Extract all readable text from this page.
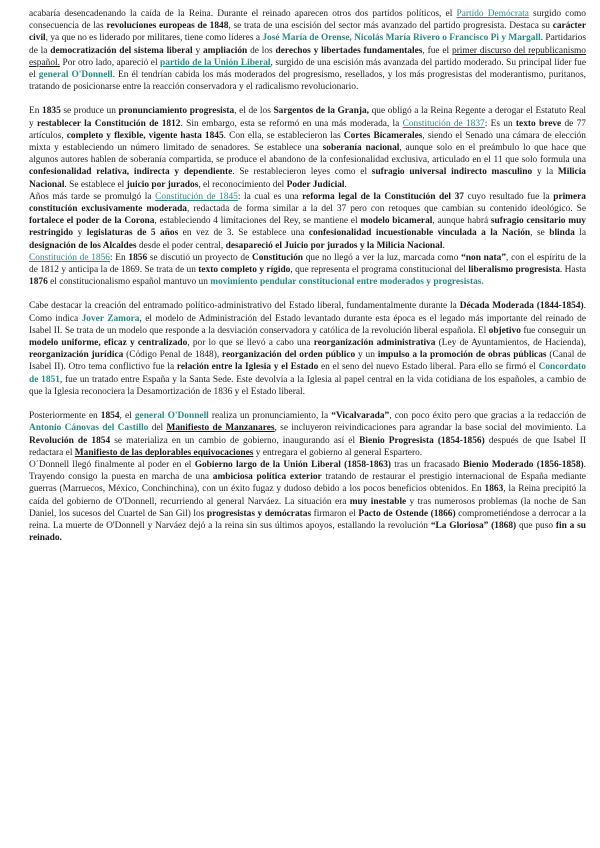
acabaría desencadenando la caída de la Reina. Durante el reinado aparecen otros dos partidos políticos, el Partido Demócrata surgido como consecuencia de las revoluciones europeas de 1848, se trata de una escisión del sector más avanzado del partido progresista. Destaca su carácter civil, ya que no es liderado por militares, tiene como líderes a José María de Orense, Nicolás María Rivero o Francisco Pi y Margall. Partidarios de la democratización del sistema liberal y ampliación de los derechos y libertades fundamentales, fue el primer discurso del republicanismo español. Por otro lado, apareció el partido de la Unión Liberal, surgido de una escisión más avanzada del partido moderado. Su principal líder fue el general O'Donnell. En él tendrían cabida los más moderados del progresismo, resellados, y los más progresistas del moderantismo, puritanos, tratando de posicionarse entre la reacción conservadora y el radicalismo revolucionario.

En 1835 se produce un pronunciamiento progresista, el de los Sargentos de la Granja, que obligó a la Reina Regente a derogar el Estatuto Real y restablecer la Constitución de 1812. Sin embargo, esta se reformó en una más moderada, la Constitución de 1837: Es un texto breve de 77 artículos, completo y flexible, vigente hasta 1845. Con ella, se establecieron las Cortes Bicamerales, siendo el Senado una cámara de elección mixta y estableciendo un número limitado de senadores. Se establece una soberanía nacional, aunque solo en el preámbulo lo que hace que algunos autores hablen de soberanía compartida, se produce el abandono de la confesionalidad exclusiva, articulado en el 11 que solo formula una confesionalidad relativa, indirecta y dependiente. Se restablecieron leyes como el sufragio universal indirecto masculino y la Milicia Nacional. Se establece el juicio por jurados, el reconocimiento del Poder Judicial.
Años más tarde se promulgó la Constitución de 1845: la cual es una reforma legal de la Constitución del 37 cuyo resultado fue la primera constitución exclusivamente moderada, redactada de forma similar a la del 37 pero con retoques que cambian su contenido ideológico. Se fortalece el poder de la Corona, estableciendo 4 limitaciones del Rey, se mantiene el modelo bicameral, aunque habrá sufragio censitario muy restringido y legislaturas de 5 años en vez de 3. Se establece una confesionalidad incuestionable vinculada a la Nación, se blinda la designación de los Alcaldes desde el poder central, desapareció el Juicio por jurados y la Milicia Nacional.
Constitución de 1856: En 1856 se discutió un proyecto de Constitución que no llegó a ver la luz, marcada como “non nata”, con el espíritu de la de 1812 y anticipa la de 1869. Se trata de un texto completo y rígido, que representa el programa constitucional del liberalismo progresista. Hasta 1876 el constitucionalismo español mantuvo un movimiento pendular constitucional entre moderados y progresistas.

Cabe destacar la creación del entramado político-administrativo del Estado liberal, fundamentalmente durante la Década Moderada (1844-1854). Como indica Jover Zamora, el modelo de Administración del Estado levantado durante esta época es el legado más importante del reinado de Isabel II. Se trata de un modelo que responde a la desviación conservadora y católica de la revolución liberal española. El objetivo fue conseguir un modelo uniforme, eficaz y centralizado, por lo que se llevó a cabo una reorganización administrativa (Ley de Ayuntamientos, de Hacienda), reorganización jurídica (Código Penal de 1848), reorganización del orden público y un impulso a la promoción de obras públicas (Canal de Isabel II). Otro tema conflictivo fue la relación entre la Iglesia y el Estado en el seno del nuevo Estado liberal. Para ello se firmó el Concordato de 1851, fue un tratado entre España y la Santa Sede. Este devolvía a la Iglesia al papel central en la vida cotidiana de los españoles, a cambio de que la Iglesia reconociera la Desamortización de 1836 y el Estado liberal.

Posteriormente en 1854, el general O'Donnell realiza un pronunciamiento, la “Vicalvarada”, con poco éxito pero que gracias a la redacción de Antonio Cánovas del Castillo del Manifiesto de Manzanares, se incluyeron reivindicaciones para agrandar la base social del movimiento. La Revolución de 1854 se materializa en un cambio de gobierno, inaugurando así el Bienio Progresista (1854-1856) después de que Isabel II redactara el Manifiesto de las deplorables equivocaciones y entregara el gobierno al general Espartero.
O´Donnell llegó finalmente al poder en el Gobierno largo de la Unión Liberal (1858-1863) tras un fracasado Bienio Moderado (1856-1858). Trayendo consigo la puesta en marcha de una ambiciosa política exterior tratando de restaurar el prestigio internacional de España mediante guerras (Marruecos, México, Conchinchina), con un éxito fugaz y dudoso debido a los pocos beneficios obtenidos. En 1863, la Reina precipitó la caída del gobierno de O'Donnell, recurriendo al general Narváez. La situación era muy inestable y tras numerosos problemas (la noche de San Daniel, los sucesos del Cuartel de San Gil) los progresistas y demócratas firmaron el Pacto de Ostende (1866) comprometiéndose a derrocar a la reina. La muerte de O'Donnell y Narváez dejó a la reina sin sus últimos apoyos, estallando la revolución “La Gloriosa” (1868) que puso fin a su reinado.
